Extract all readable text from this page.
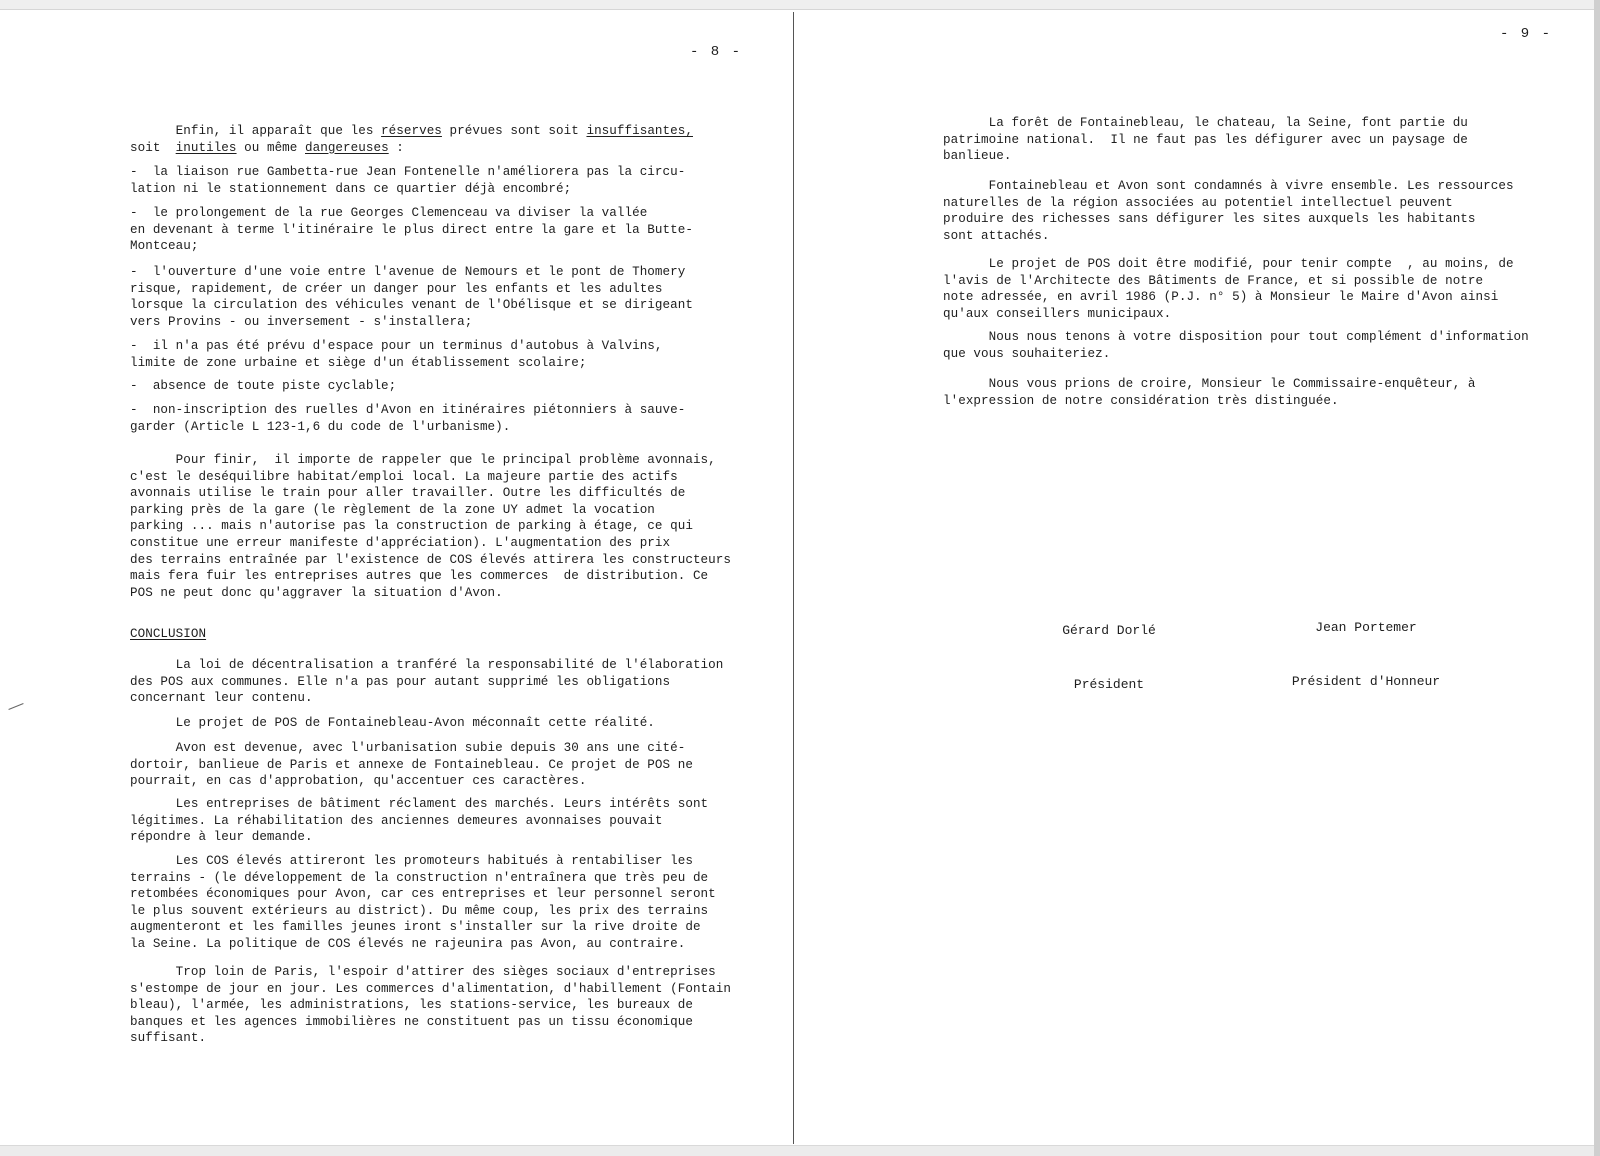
- 8 -

Enfin, il apparaît que les réserves prévues sont soit insuffisantes,
soit  inutiles ou même dangereuses :

-  la liaison rue Gambetta-rue Jean Fontenelle n'améliorera pas la circu-
lation ni le stationnement dans ce quartier déjà encombré;

-  le prolongement de la rue Georges Clemenceau va diviser la vallée
en devenant à terme l'itinéraire le plus direct entre la gare et la Butte-
Montceau;

-  l'ouverture d'une voie entre l'avenue de Nemours et le pont de Thomery
risque, rapidement, de créer un danger pour les enfants et les adultes
lorsque la circulation des véhicules venant de l'Obélisque et se dirigeant
vers Provins - ou inversement - s'installera;

-  il n'a pas été prévu d'espace pour un terminus d'autobus à Valvins,
limite de zone urbaine et siège d'un établissement scolaire;

-  absence de toute piste cyclable;

-  non-inscription des ruelles d'Avon en itinéraires piétonniers à sauve-
garder (Article L 123-1,6 du code de l'urbanisme).

Pour finir,  il importe de rappeler que le principal problème avonnais,
c'est le deséquilibre habitat/emploi local. La majeure partie des actifs
avonnais utilise le train pour aller travailler. Outre les difficultés de
parking près de la gare (le règlement de la zone UY admet la vocation
parking ... mais n'autorise pas la construction de parking à étage, ce qui
constitue une erreur manifeste d'appréciation). L'augmentation des prix
des terrains entraînée par l'existence de COS élevés attirera les constructeurs
mais fera fuir les entreprises autres que les commerces  de distribution. Ce
POS ne peut donc qu'aggraver la situation d'Avon.

CONCLUSION

La loi de décentralisation a tranféré la responsabilité de l'élaboration
des POS aux communes. Elle n'a pas pour autant supprimé les obligations
concernant leur contenu.

Le projet de POS de Fontainebleau-Avon méconnaît cette réalité.

Avon est devenue, avec l'urbanisation subie depuis 30 ans une cité-
dortoir, banlieue de Paris et annexe de Fontainebleau. Ce projet de POS ne
pourrait, en cas d'approbation, qu'accentuer ces caractères.

Les entreprises de bâtiment réclament des marchés. Leurs intérêts sont
légitimes. La réhabilitation des anciennes demeures avonnaises pouvait
répondre à leur demande.

Les COS élevés attireront les promoteurs habitués à rentabiliser les
terrains - (le développement de la construction n'entraînera que très peu de
retombées économiques pour Avon, car ces entreprises et leur personnel seront
le plus souvent extérieurs au district). Du même coup, les prix des terrains
augmenteront et les familles jeunes iront s'installer sur la rive droite de
la Seine. La politique de COS élevés ne rajeunira pas Avon, au contraire.

Trop loin de Paris, l'espoir d'attirer des sièges sociaux d'entreprises
s'estompe de jour en jour. Les commerces d'alimentation, d'habillement (Fontain
bleau), l'armée, les administrations, les stations-service, les bureaux de
banques et les agences immobilières ne constituent pas un tissu économique
suffisant.

- 9 -

La forêt de Fontainebleau, le chateau, la Seine, font partie du
patrimoine national.  Il ne faut pas les défigurer avec un paysage de
banlieue.

Fontainebleau et Avon sont condamnés à vivre ensemble. Les ressources
naturelles de la région associées au potentiel intellectuel peuvent
produire des richesses sans défigurer les sites auxquels les habitants
sont attachés.

Le projet de POS doit être modifié, pour tenir compte  , au moins, de
l'avis de l'Architecte des Bâtiments de France, et si possible de notre
note adressée, en avril 1986 (P.J. n° 5) à Monsieur le Maire d'Avon ainsi
qu'aux conseillers municipaux.

Nous nous tenons à votre disposition pour tout complément d'information
que vous souhaiteriez.

Nous vous prions de croire, Monsieur le Commissaire-enquêteur, à
l'expression de notre considération très distinguée.

Gérard Dorlé

Président

Jean Portemer

Président d'Honneur
